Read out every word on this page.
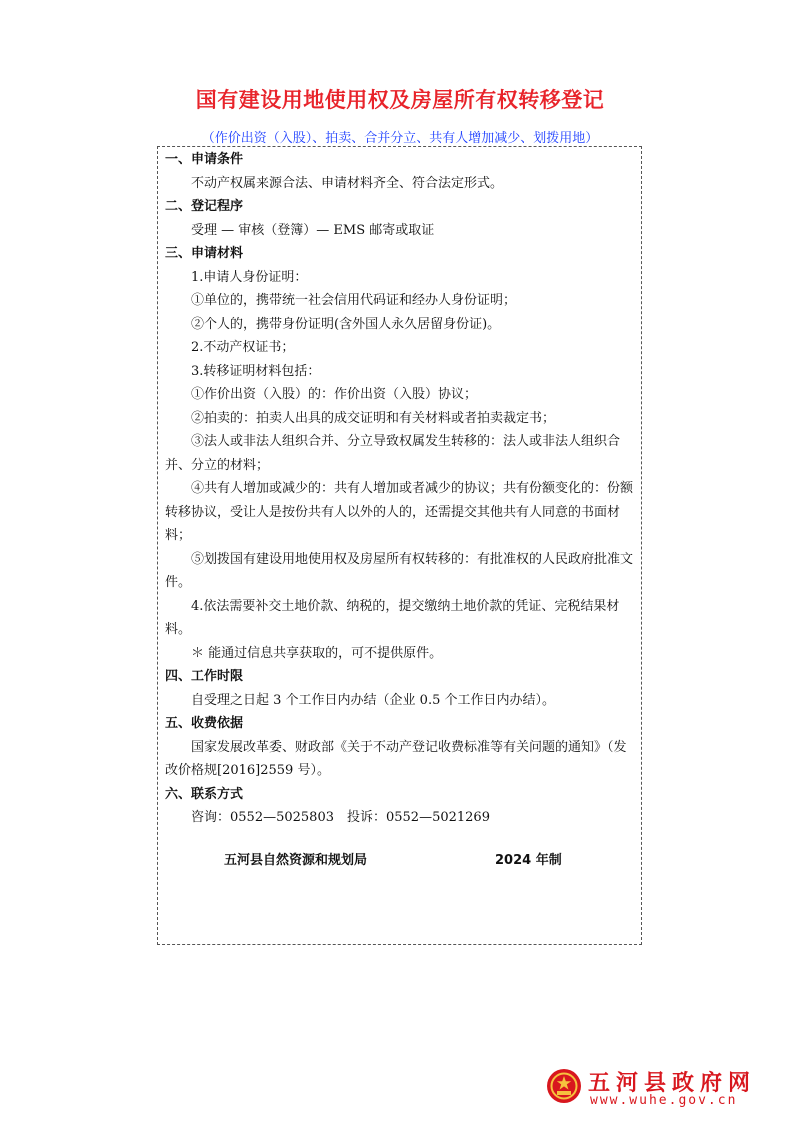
国有建设用地使用权及房屋所有权转移登记
（作价出资（入股）、拍卖、合并分立、共有人增加减少、划拨用地）
一、申请条件
不动产权属来源合法、申请材料齐全、符合法定形式。
二、登记程序
受理 — 审核（登簿）— EMS 邮寄或取证
三、申请材料
1.申请人身份证明：
①单位的，携带统一社会信用代码证和经办人身份证明；
②个人的，携带身份证明(含外国人永久居留身份证)。
2.不动产权证书；
3.转移证明材料包括：
①作价出资（入股）的：作价出资（入股）协议；
②拍卖的：拍卖人出具的成交证明和有关材料或者拍卖裁定书；
③法人或非法人组织合并、分立导致权属发生转移的：法人或非法人组织合并、分立的材料；
④共有人增加或减少的：共有人增加或者减少的协议；共有份额变化的：份额转移协议，受让人是按份共有人以外的人的，还需提交其他共有人同意的书面材料；
⑤划拨国有建设用地使用权及房屋所有权转移的：有批准权的人民政府批准文件。
4.依法需要补交土地价款、纳税的，提交缴纳土地价款的凭证、完税结果材料。
＊ 能通过信息共享获取的，可不提供原件。
四、工作时限
自受理之日起 3 个工作日内办结（企业 0.5 个工作日内办结）。
五、收费依据
国家发展改革委、财政部《关于不动产登记收费标准等有关问题的通知》（发改价格规[2016]2559 号）。
六、联系方式
咨询：0552—5025803　投诉：0552—5021269
五河县自然资源和规划局	2024 年制
五河县政府网
www.wuhe.gov.cn
